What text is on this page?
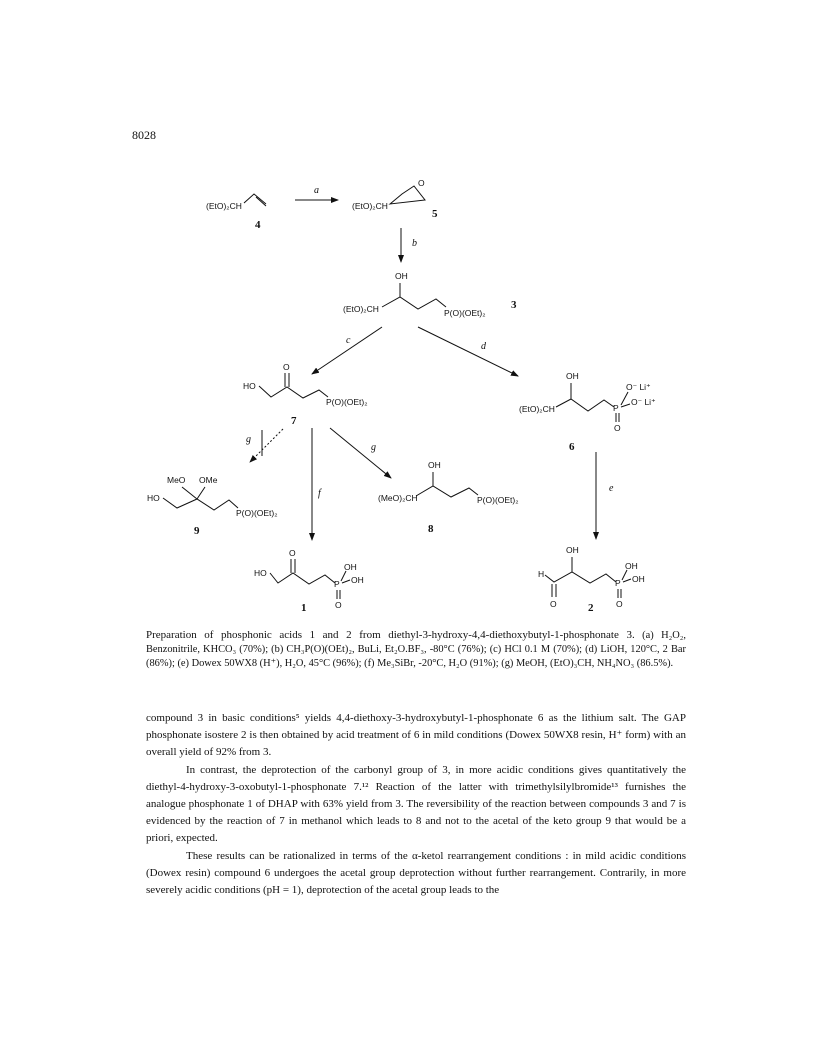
8028
(EtO)₂CH
4
a
(EtO)₂CH
O
5
b
OH
(EtO)₂CH	P(O)(OEt)₂
3
c
d
O
HO
P(O)(OEt)₂
7
OH
(EtO)₂CH	P
O⁻ Li⁺
O⁻ Li⁺
O
6
g
f
g
e
MeO OMe
HO
P(O)(OEt)₂
9
OH
(MeO)₂CH	P(O)(OEt)₂
8
O
HO
P
OH
OH
O
1
OH
H
O
P
OH
OH
O
2
Preparation of phosphonic acids 1 and 2 from diethyl-3-hydroxy-4,4-diethoxybutyl-1-phosphonate 3. (a) H₂O₂, Benzonitrile, KHCO₃ (70%); (b) CH₃P(O)(OEt)₂, BuLi, Et₂O.BF₃, -80°C (76%); (c) HCl 0.1 M (70%); (d) LiOH, 120°C, 2 Bar (86%); (e) Dowex 50WX8 (H⁺), H₂O, 45°C (96%); (f) Me₃SiBr, -20°C, H₂O (91%); (g) MeOH, (EtO)₃CH, NH₄NO₃ (86.5%).

compound 3 in basic conditions⁵ yields 4,4-diethoxy-3-hydroxybutyl-1-phosphonate 6 as the lithium salt. The GAP phosphonate isostere 2 is then obtained by acid treatment of 6 in mild conditions (Dowex 50WX8 resin, H⁺ form) with an overall yield of 92% from 3.

In contrast, the deprotection of the carbonyl group of 3, in more acidic conditions gives quantitatively the diethyl-4-hydroxy-3-oxobutyl-1-phosphonate 7.¹² Reaction of the latter with trimethylsilylbromide¹³ furnishes the analogue phosphonate 1 of DHAP with 63% yield from 3. The reversibility of the reaction between compounds 3 and 7 is evidenced by the reaction of 7 in methanol which leads to 8 and not to the acetal of the keto group 9 that would be a priori, expected.

These results can be rationalized in terms of the α-ketol rearrangement conditions : in mild acidic conditions (Dowex resin) compound 6 undergoes the acetal group deprotection without further rearrangement. Contrarily, in more severely acidic conditions (pH = 1), deprotection of the acetal group leads to the
